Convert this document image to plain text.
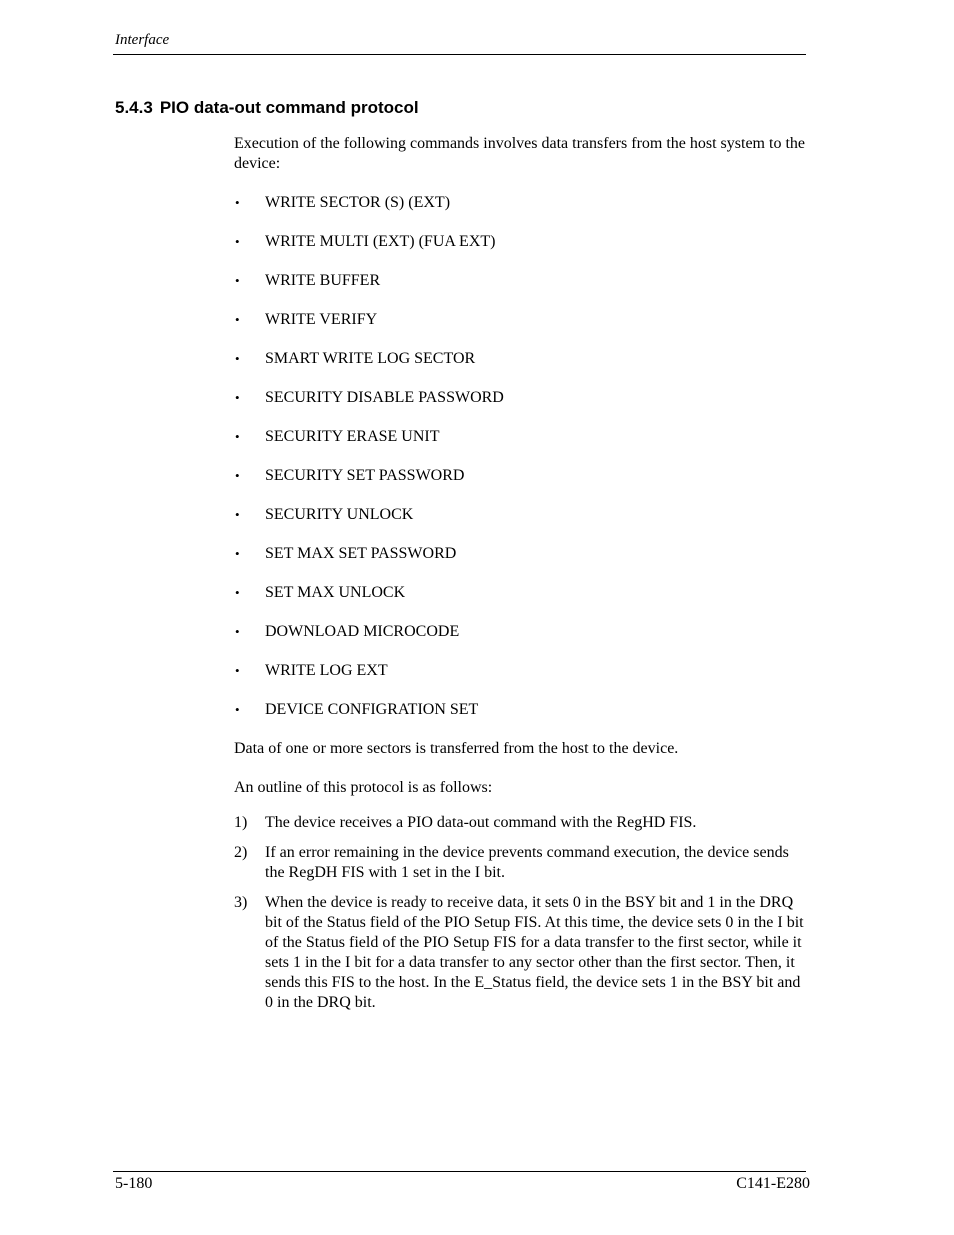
Interface
5.4.3 PIO data-out command protocol

Execution of the following commands involves data transfers from the host system to the device:

• WRITE SECTOR (S) (EXT)
• WRITE MULTI (EXT) (FUA EXT)
• WRITE BUFFER
• WRITE VERIFY
• SMART WRITE LOG SECTOR
• SECURITY DISABLE PASSWORD
• SECURITY ERASE UNIT
• SECURITY SET PASSWORD
• SECURITY UNLOCK
• SET MAX SET PASSWORD
• SET MAX UNLOCK
• DOWNLOAD MICROCODE
• WRITE LOG EXT
• DEVICE CONFIGRATION SET

Data of one or more sectors is transferred from the host to the device.

An outline of this protocol is as follows:

1) The device receives a PIO data-out command with the RegHD FIS.
2) If an error remaining in the device prevents command execution, the device sends the RegDH FIS with 1 set in the I bit.
3) When the device is ready to receive data, it sets 0 in the BSY bit and 1 in the DRQ bit of the Status field of the PIO Setup FIS. At this time, the device sets 0 in the I bit of the Status field of the PIO Setup FIS for a data transfer to the first sector, while it sets 1 in the I bit for a data transfer to any sector other than the first sector. Then, it sends this FIS to the host. In the E_Status field, the device sets 1 in the BSY bit and 0 in the DRQ bit.
5-180	C141-E280
